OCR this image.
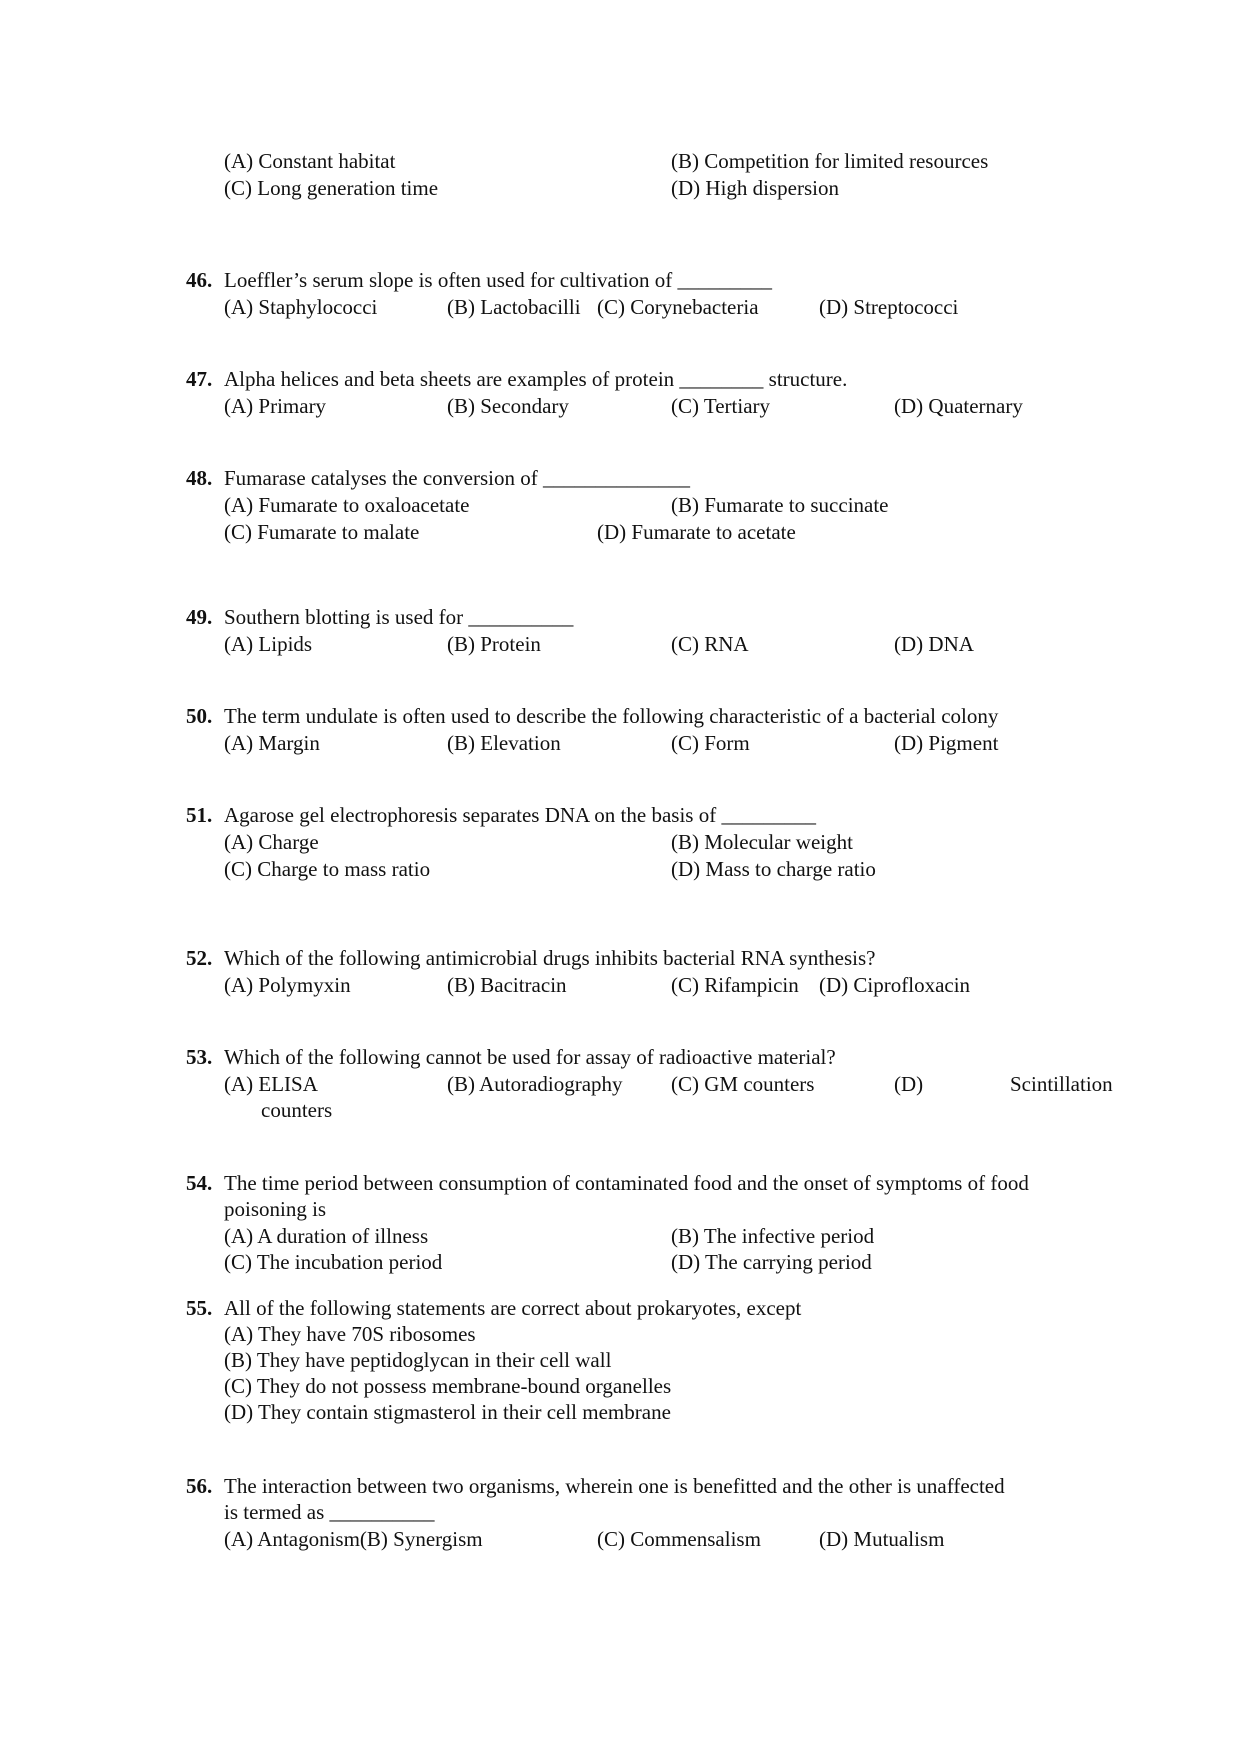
(A) Constant habitat	(B) Competition for limited resources
(C) Long generation time	(D) High dispersion
46. Loeffler’s serum slope is often used for cultivation of _________
(A) Staphylococci	(B) Lactobacilli (C) Corynebacteria	(D) Streptococci
47. Alpha helices and beta sheets are examples of protein ________ structure.
(A) Primary	(B) Secondary	(C) Tertiary	(D) Quaternary
48. Fumarase catalyses the conversion of ______________
(A) Fumarate to oxaloacetate	(B) Fumarate to succinate
(C) Fumarate to malate	(D) Fumarate to acetate
49. Southern blotting is used for __________
(A) Lipids	(B) Protein	(C) RNA	(D) DNA
50. The term undulate is often used to describe the following characteristic of a bacterial colony
(A) Margin	(B) Elevation	(C) Form	(D) Pigment
51. Agarose gel electrophoresis separates DNA on the basis of _________
(A) Charge	(B) Molecular weight
(C) Charge to mass ratio	(D) Mass to charge ratio
52. Which of the following antimicrobial drugs inhibits bacterial RNA synthesis?
(A) Polymyxin	(B) Bacitracin	(C) Rifampicin (D) Ciprofloxacin
53. Which of the following cannot be used for assay of radioactive material?
(A) ELISA	(B) Autoradiography (C) GM counters	(D)	Scintillation
counters
54. The time period between consumption of contaminated food and the onset of symptoms of food
poisoning is
(A) A duration of illness	(B) The infective period
(C) The incubation period	(D) The carrying period
55. All of the following statements are correct about prokaryotes, except
(A) They have 70S ribosomes
(B) They have peptidoglycan in their cell wall
(C) They do not possess membrane-bound organelles
(D) They contain stigmasterol in their cell membrane
56. The interaction between two organisms, wherein one is benefitted and the other is unaffected
is termed as __________
(A) Antagonism(B) Synergism	(C) Commensalism	(D) Mutualism
